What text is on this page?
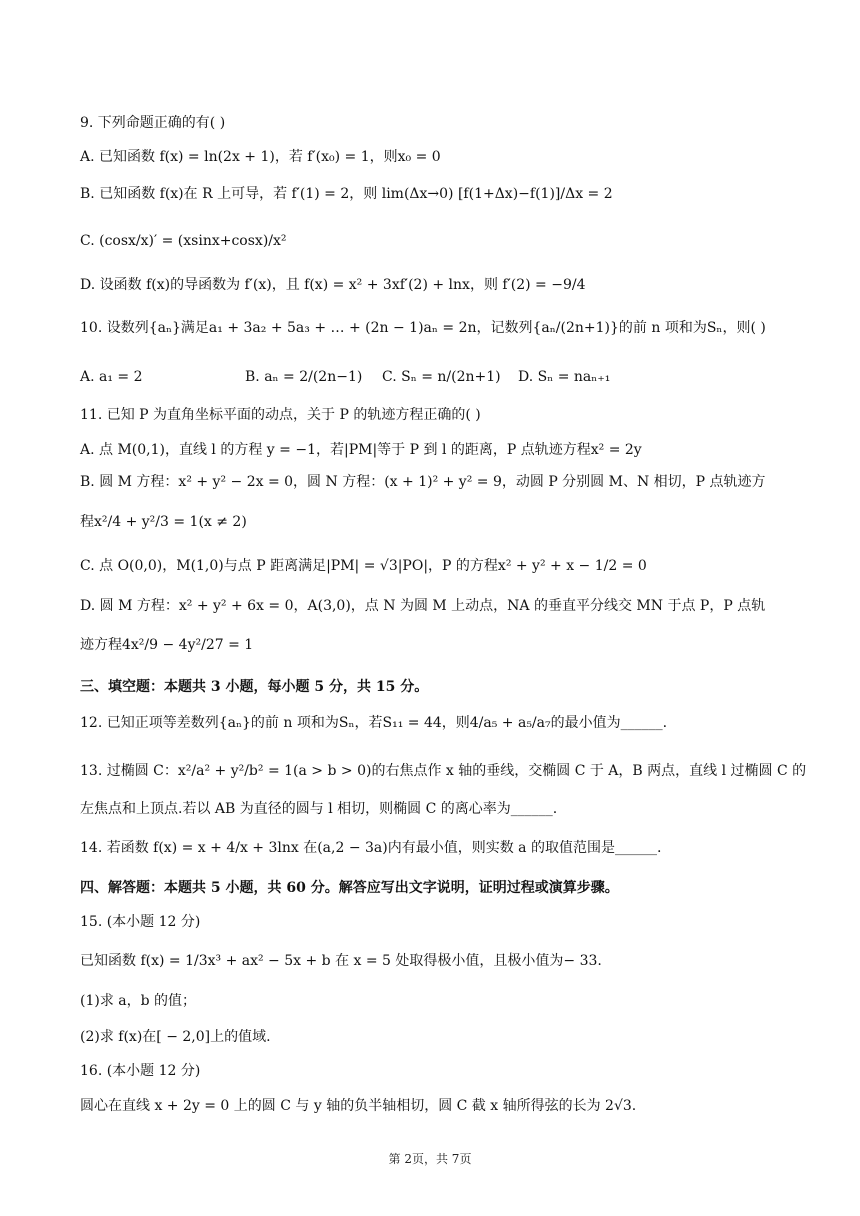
9. 下列命题正确的有( )
A. 已知函数 f(x) = ln(2x + 1)，若 f′(x₀) = 1，则x₀ = 0
B. 已知函数 f(x)在 R 上可导，若 f′(1) = 2，则 lim(Δx→0) [f(1+Δx)−f(1)]/Δx = 2
C. (cosx/x)′ = (xsinx+cosx)/x²
D. 设函数 f(x)的导函数为 f′(x)，且 f(x) = x² + 3xf′(2) + lnx，则 f′(2) = −9/4
10. 设数列{aₙ}满足a₁ + 3a₂ + 5a₃ + … + (2n − 1)aₙ = 2n，记数列{aₙ/(2n+1)}的前 n 项和为Sₙ，则( )
A. a₁ = 2	B. aₙ = 2/(2n−1) C. Sₙ = n/(2n+1) D. Sₙ = naₙ₊₁
11. 已知 P 为直角坐标平面的动点，关于 P 的轨迹方程正确的( )
A. 点 M(0,1)，直线 l 的方程 y = −1，若|PM|等于 P 到 l 的距离，P 点轨迹方程x² = 2y
B. 圆 M 方程：x² + y² − 2x = 0，圆 N 方程：(x + 1)² + y² = 9，动圆 P 分别圆 M、N 相切，P 点轨迹方
程x²/4 + y²/3 = 1(x ≠ 2)
C. 点 O(0,0)，M(1,0)与点 P 距离满足|PM| = √3|PO|，P 的方程x² + y² + x − 1/2 = 0
D. 圆 M 方程：x² + y² + 6x = 0，A(3,0)，点 N 为圆 M 上动点，NA 的垂直平分线交 MN 于点 P，P 点轨
迹方程4x²/9 − 4y²/27 = 1
三、填空题：本题共 3 小题，每小题 5 分，共 15 分。
12. 已知正项等差数列{aₙ}的前 n 项和为Sₙ，若S₁₁ = 44，则4/a₅ + a₅/a₇的最小值为______.
13. 过椭圆 C：x²/a² + y²/b² = 1(a > b > 0)的右焦点作 x 轴的垂线，交椭圆 C 于 A，B 两点，直线 l 过椭圆 C 的
左焦点和上顶点.若以 AB 为直径的圆与 l 相切，则椭圆 C 的离心率为______.
14. 若函数 f(x) = x + 4/x + 3lnx 在(a,2 − 3a)内有最小值，则实数 a 的取值范围是______.
四、解答题：本题共 5 小题，共 60 分。解答应写出文字说明，证明过程或演算步骤。
15. (本小题 12 分)
已知函数 f(x) = 1/3x³ + ax² − 5x + b 在 x = 5 处取得极小值，且极小值为− 33.
(1)求 a，b 的值；
(2)求 f(x)在[ − 2,0]上的值域.
16. (本小题 12 分)
圆心在直线 x + 2y = 0 上的圆 C 与 y 轴的负半轴相切，圆 C 截 x 轴所得弦的长为 2√3.
第 2页，共 7页
